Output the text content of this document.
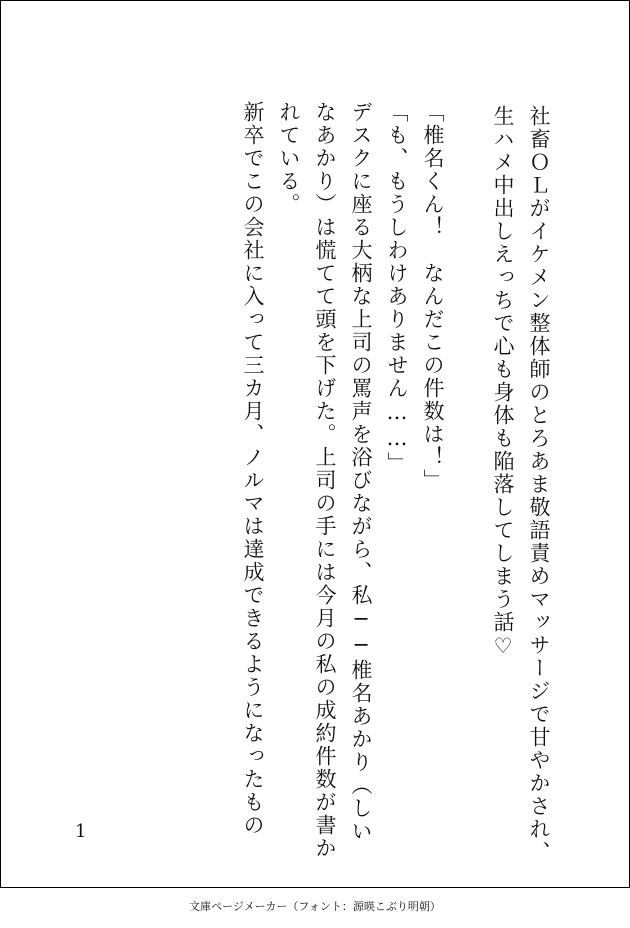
社畜ＯＬがイケメン整体師のとろあま敬語責めマッサージで甘やかされ、
生ハメ中出しえっちで心も身体も陥落してしまう話♡
「椎名くん！　なんだこの件数は！」
「も、もうしわけありません……」
デスクに座る大柄な上司の罵声を浴びながら、私──椎名あかり（しい
なあかり）は慌てて頭を下げた。上司の手には今月の私の成約件数が書か
れている。
新卒でこの会社に入って三カ月、ノルマは達成できるようになったもの
1
文庫ページメーカー（フォント：源暎こぶり明朝）
